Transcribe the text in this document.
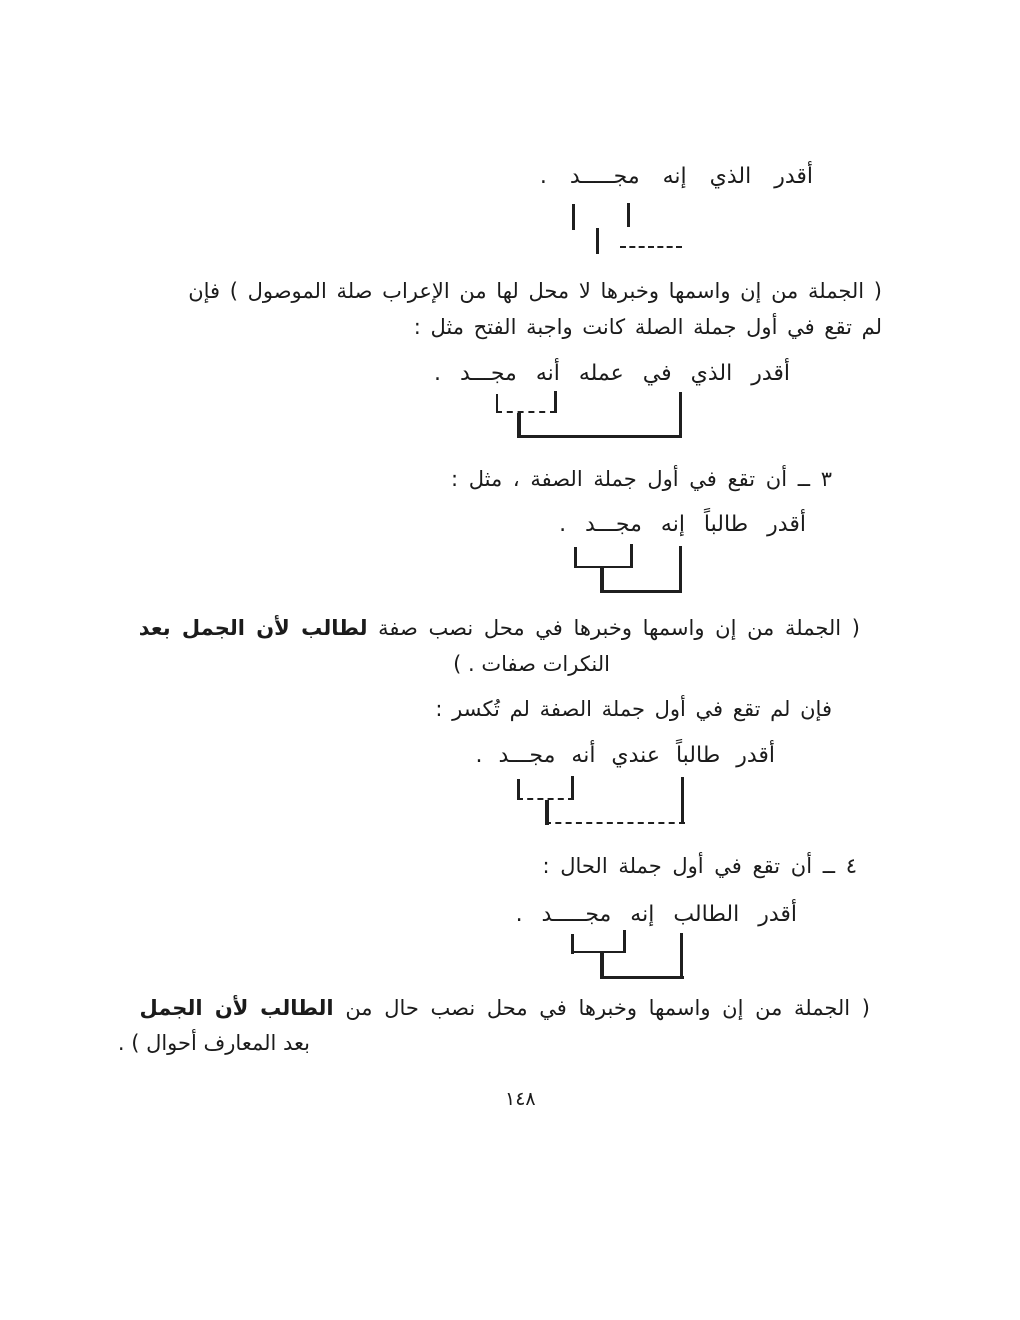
أقدر الذي إنه مجـــــد .
( الجملة من إن واسمها وخبرها لا محل لها من الإعراب صلة الموصول ) فإن
لم تقع في أول جملة الصلة كانت واجبة الفتح مثل :
أقدر الذي في عمله أنه مجـــد .
٣ ــ أن تقع في أول جملة الصفة ، مثل :
أقدر طالباً إنه مجـــد .
( الجملة من إن واسمها وخبرها في محل نصب صفة لطالب لأن الجمل بعد
النكرات صفات . )
فإن لم تقع في أول جملة الصفة لم تُكسر :
أقدر طالباً عندي أنه مجـــد .
٤ ــ أن تقع في أول جملة الحال :
أقدر الطالب إنه مجـــــد .
( الجملة من إن واسمها وخبرها في محل نصب حال من الطالب لأن الجمل
بعد المعارف أحوال ) .
١٤٨
